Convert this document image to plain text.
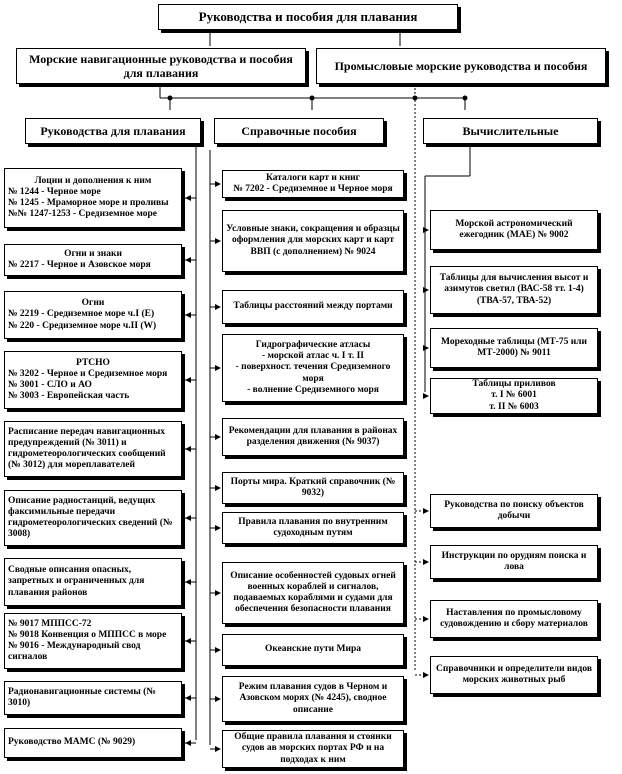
Руководства и пособия для плавания
Морские навигационные руководства и пособия для плавания
Промысловые морские руководства и пособия
Руководства для плавания	Справочные пособия	Вычислительные
Лоции и дополнения к ним
№ 1244 - Черное море
№ 1245 - Мраморное море и проливы
№№ 1247-1253 - Средиземное море
Огни и знаки
№ 2217 - Черное и Азовское моря
Огни
№ 2219 - Средиземное море ч.I (E)
№ 220 - Средиземное море ч.II (W)
РТСНО
№ 3202 - Черное и Средиземное моря
№ 3001 - СЛО и АО
№ 3003 - Европейская часть
Расписание передач навигационных предупреждений (№ 3011) и гидрометеорологических сообщений (№ 3012) для мореплавателей
Описание радиостанций, ведущих факсимильные передачи гидрометеорологических сведений (№ 3008)
Сводные описания опасных, запретных и ограниченных для плавания районов
№ 9017 МППСС-72
№ 9018 Конвенция о МППСС в море
№ 9016 - Международный свод сигналов
Радионавигационные системы (№ 3010)
Руководство МАМС (№ 9029)
Каталоги карт и книг
№ 7202 - Средиземное и Черное моря
Условные знаки, сокращения и образцы оформления для морских карт и карт ВВП (с дополнением) № 9024
Таблицы расстояний между портами
Гидрографические атласы
- морской атлас ч. I т. II
- поверхност. течения Средиземного моря
- волнение Средиземного моря
Рекомендации для плавания в районах разделения движения (№ 9037)
Порты мира. Краткий справочник (№ 9032)
Правила плавания по внутренним судоходным путям
Описание особенностей судовых огней военных кораблей и сигналов, подаваемых кораблями и судами для обеспечения безопасности плавания
Океанские пути Мира
Режим плавания судов в Черном и Азовском морях (№ 4245), сводное описание
Общие правила плавания и стоянки судов ав морских портах РФ и на подходах к ним
Морской астрономический ежегодник (МАЕ) № 9002
Таблицы для вычисления высот и азимутов светил (ВАС-58 тт. 1-4) (ТВА-57, ТВА-52)
Мореходные таблицы (МТ-75 или МТ-2000) № 9011
Таблицы приливов
т. I № 6001
т. II № 6003
Руководства по поиску объектов добычи
Инструкции по орудиям поиска и лова
Наставления по промысловому судовождению и сбору материалов
Справочники и определители видов морских животных рыб
